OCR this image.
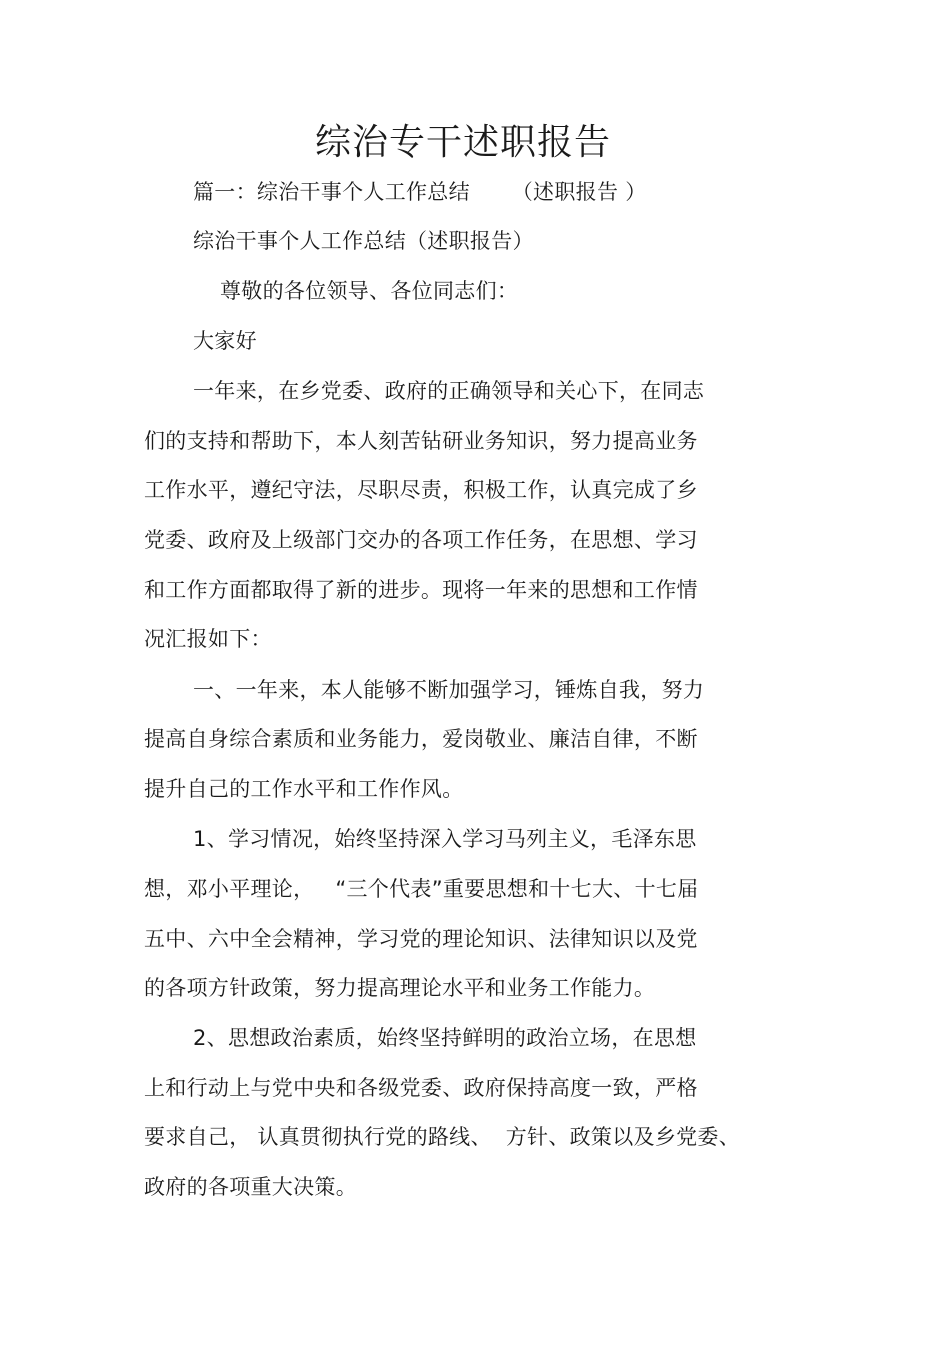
综治专干述职报告
篇一：综治干事个人工作总结      （述职报告 ）
综治干事个人工作总结（述职报告）
尊敬的各位领导、各位同志们：
大家好
一年来，在乡党委、政府的正确领导和关心下，在同志
们的支持和帮助下，本人刻苦钻研业务知识，努力提高业务
工作水平，遵纪守法，尽职尽责，积极工作，认真完成了乡
党委、政府及上级部门交办的各项工作任务，在思想、学习
和工作方面都取得了新的进步。现将一年来的思想和工作情
况汇报如下：
一、一年来，本人能够不断加强学习，锤炼自我，努力
提高自身综合素质和业务能力，爱岗敬业、廉洁自律，不断
提升自己的工作水平和工作作风。
1、学习情况，始终坚持深入学习马列主义，毛泽东思
想，邓小平理论，   “三个代表”重要思想和十七大、十七届
五中、六中全会精神，学习党的理论知识、法律知识以及党
的各项方针政策，努力提高理论水平和业务工作能力。
2、思想政治素质，始终坚持鲜明的政治立场，在思想
上和行动上与党中央和各级党委、政府保持高度一致，严格
要求自己， 认真贯彻执行党的路线、  方针、政策以及乡党委、
政府的各项重大决策。
